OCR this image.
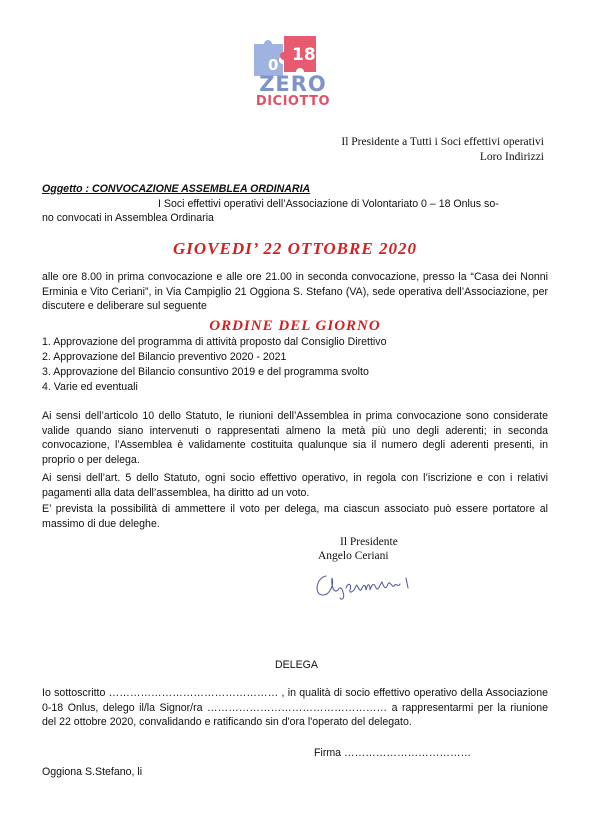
0 18
ZERO
DICIOTTO
Il Presidente a Tutti i Soci effettivi operativi
Loro Indirizzi
Oggetto : CONVOCAZIONE ASSEMBLEA ORDINARIA
I Soci effettivi operativi dell’Associazione di Volontariato 0 – 18 Onlus so-
no convocati in Assemblea Ordinaria
GIOVEDI’ 22 OTTOBRE 2020
alle ore 8.00 in prima convocazione e alle ore 21.00 in seconda convocazione, presso la “Casa dei Nonni Erminia e Vito Ceriani”, in Via Campiglio 21 Oggiona S. Stefano (VA), sede operativa dell’Associazione, per discutere e deliberare sul seguente
ORDINE DEL GIORNO
1. Approvazione del programma di attività proposto dal Consiglio Direttivo
2. Approvazione del Bilancio preventivo 2020 - 2021
3. Approvazione del Bilancio consuntivo 2019 e del programma svolto
4. Varie ed eventuali
Ai sensi dell’articolo 10 dello Statuto, le riunioni dell’Assemblea in prima convocazione sono considerate valide quando siano intervenuti o rappresentati almeno la metà più uno degli aderenti; in seconda convocazione, l’Assemblea è validamente costituita qualunque sia il numero degli aderenti presenti, in proprio o per delega.
Ai sensi dell’art. 5 dello Statuto, ogni socio effettivo operativo, in regola con l’iscrizione e con i relativi pagamenti alla data dell’assemblea, ha diritto ad un voto.
E’ prevista la possibilità di ammettere il voto per delega, ma ciascun associato può essere portatore al massimo di due deleghe.
Il Presidente
Angelo Ceriani
DELEGA
Io sottoscritto ………………………………………… , in qualità di socio effettivo operativo della Associazione 0-18 Onlus, delego il/la Signor/ra …………………………………………… a rappresentarmi per la riunione del 22 ottobre 2020, convalidando e ratificando sin d'ora l'operato del delegato.
Firma ………………………………
Oggiona S.Stefano, li
